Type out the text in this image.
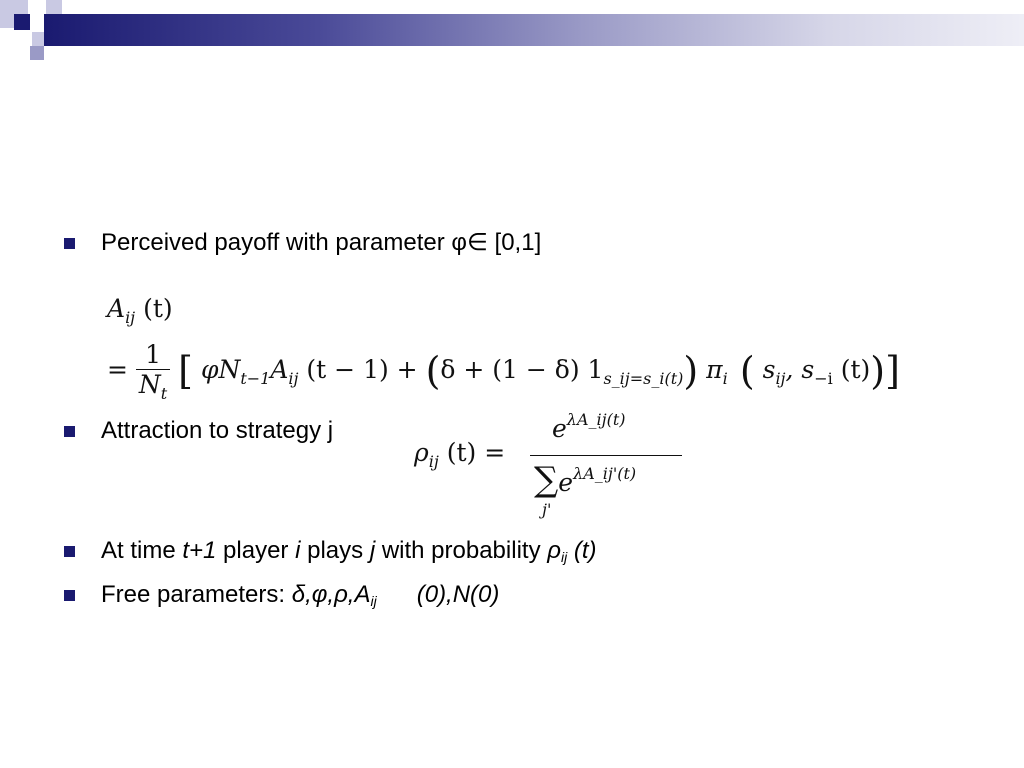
Perceived payoff with parameter φ∈ [0,1]
$A_{ij}$ (t)
= $\frac{1}{N_t}$ [ $\varphi N_{t-1}A_{ij}$ (t − 1) + (δ + (1 − δ) $1_{s\_ij=s\_i(t)}$) $\pi_i$ ( $s_{ij}$, $s_{-i}$ (t))]
Attraction to strategy j
$\rho_{ij}$ (t) =
$e^{\lambda A\_ij(t)}$
$\sum e^{\lambda A\_ij'(t)}$
j'
At time t+1 player i plays j with probability $\rho_{ij}$ (t)
Free parameters: $\delta,\varphi,\rho,A_{ij}$      (0),N(0)
